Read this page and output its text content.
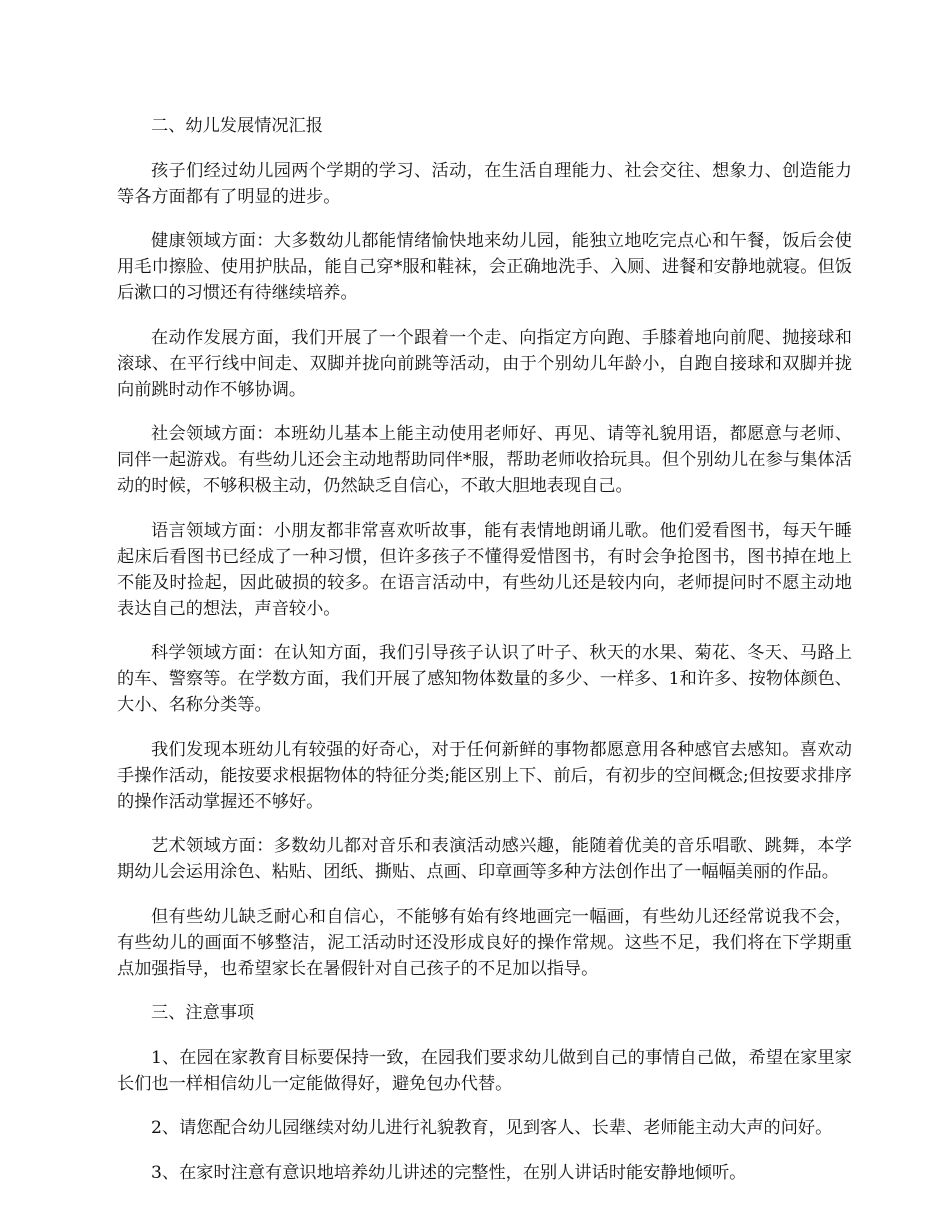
二、幼儿发展情况汇报

孩子们经过幼儿园两个学期的学习、活动，在生活自理能力、社会交往、想象力、创造能力等各方面都有了明显的进步。

健康领域方面：大多数幼儿都能情绪愉快地来幼儿园，能独立地吃完点心和午餐，饭后会使用毛巾擦脸、使用护肤品，能自己穿*服和鞋袜，会正确地洗手、入厕、进餐和安静地就寝。但饭后漱口的习惯还有待继续培养。

在动作发展方面，我们开展了一个跟着一个走、向指定方向跑、手膝着地向前爬、抛接球和滚球、在平行线中间走、双脚并拢向前跳等活动，由于个别幼儿年龄小，自跑自接球和双脚并拢向前跳时动作不够协调。

社会领域方面：本班幼儿基本上能主动使用老师好、再见、请等礼貌用语，都愿意与老师、同伴一起游戏。有些幼儿还会主动地帮助同伴*服，帮助老师收拾玩具。但个别幼儿在参与集体活动的时候，不够积极主动，仍然缺乏自信心，不敢大胆地表现自己。

语言领域方面：小朋友都非常喜欢听故事，能有表情地朗诵儿歌。他们爱看图书，每天午睡起床后看图书已经成了一种习惯，但许多孩子不懂得爱惜图书，有时会争抢图书，图书掉在地上不能及时捡起，因此破损的较多。在语言活动中，有些幼儿还是较内向，老师提问时不愿主动地表达自己的想法，声音较小。

科学领域方面：在认知方面，我们引导孩子认识了叶子、秋天的水果、菊花、冬天、马路上的车、警察等。在学数方面，我们开展了感知物体数量的多少、一样多、1和许多、按物体颜色、大小、名称分类等。

我们发现本班幼儿有较强的好奇心，对于任何新鲜的事物都愿意用各种感官去感知。喜欢动手操作活动，能按要求根据物体的特征分类;能区别上下、前后，有初步的空间概念;但按要求排序的操作活动掌握还不够好。

艺术领域方面：多数幼儿都对音乐和表演活动感兴趣，能随着优美的音乐唱歌、跳舞，本学期幼儿会运用涂色、粘贴、团纸、撕贴、点画、印章画等多种方法创作出了一幅幅美丽的作品。

但有些幼儿缺乏耐心和自信心，不能够有始有终地画完一幅画，有些幼儿还经常说我不会，有些幼儿的画面不够整洁，泥工活动时还没形成良好的操作常规。这些不足，我们将在下学期重点加强指导，也希望家长在暑假针对自己孩子的不足加以指导。

三、注意事项

1、在园在家教育目标要保持一致，在园我们要求幼儿做到自己的事情自己做，希望在家里家长们也一样相信幼儿一定能做得好，避免包办代替。

2、请您配合幼儿园继续对幼儿进行礼貌教育，见到客人、长辈、老师能主动大声的问好。

3、在家时注意有意识地培养幼儿讲述的完整性，在别人讲话时能安静地倾听。
